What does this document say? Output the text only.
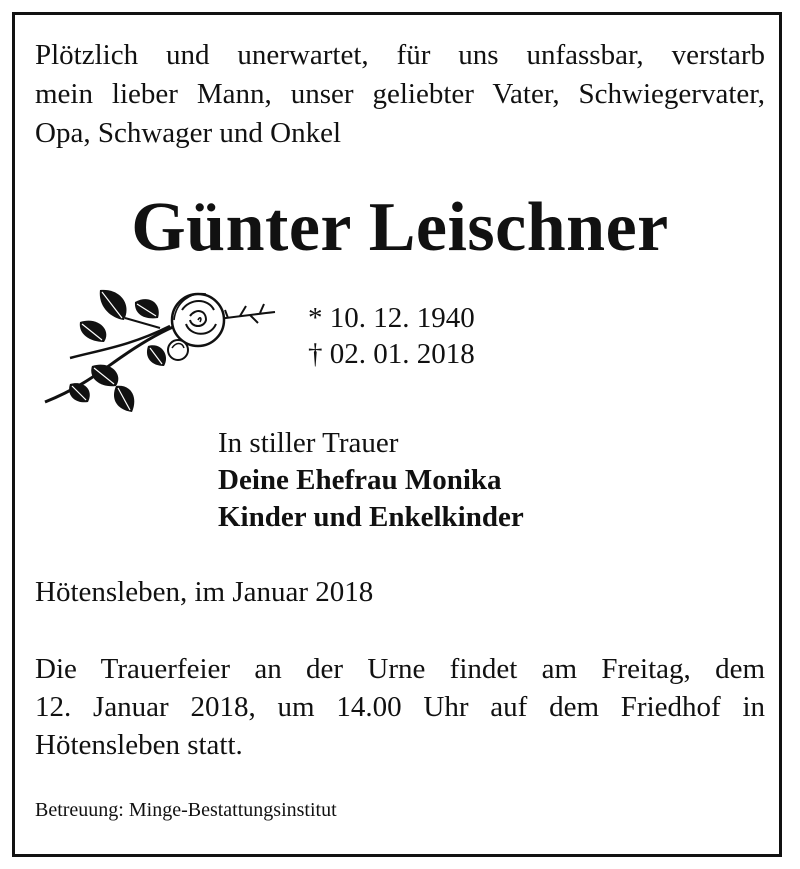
Plötzlich und unerwartet, für uns unfassbar, verstarb
mein lieber Mann, unser geliebter Vater, Schwiegervater,
Opa, Schwager und Onkel
Günter Leischner
* 10. 12. 1940
† 02. 01. 2018
In stiller Trauer
Deine Ehefrau Monika
Kinder und Enkelkinder
Hötensleben, im Januar 2018
Die Trauerfeier an der Urne findet am Freitag, dem
12. Januar 2018, um 14.00 Uhr auf dem Friedhof in
Hötensleben statt.
Betreuung: Minge-Bestattungsinstitut
